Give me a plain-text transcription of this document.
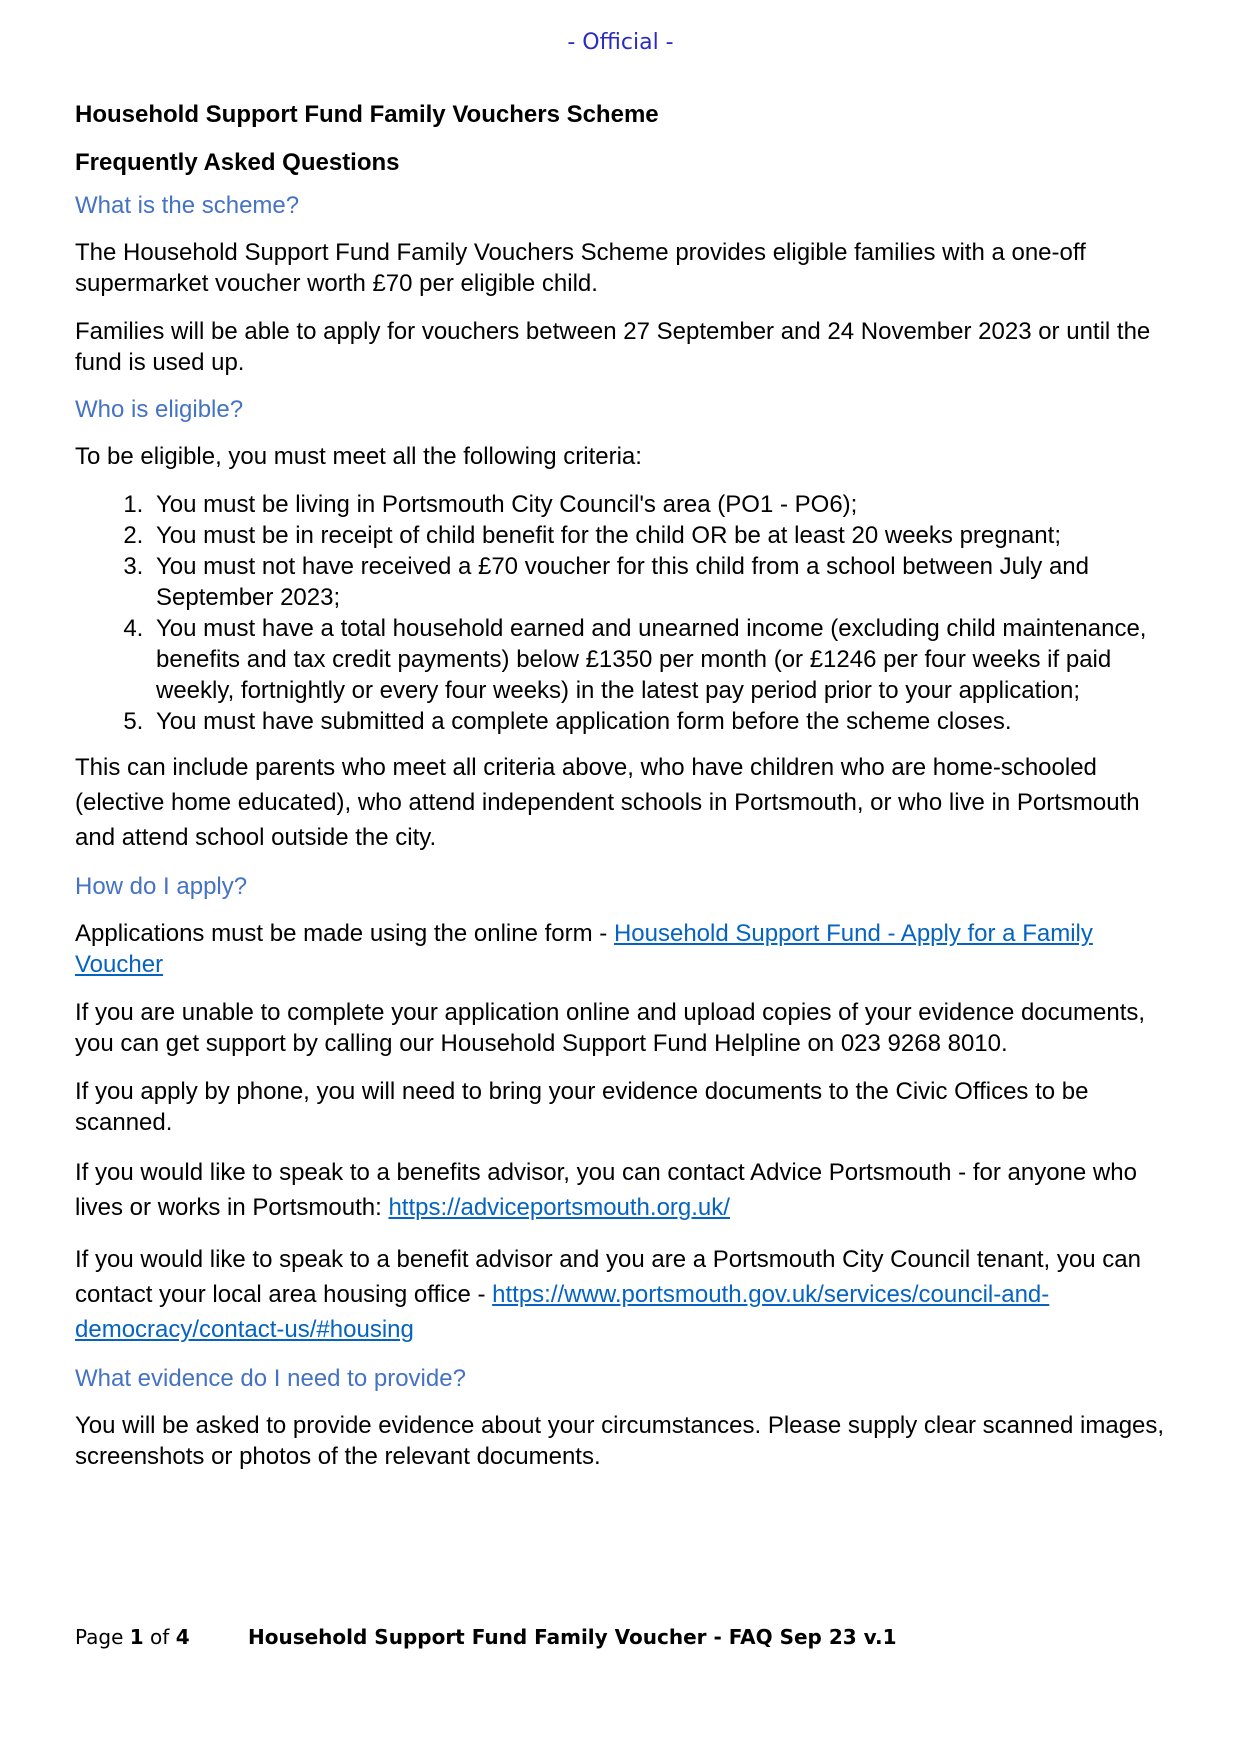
- Official -
Household Support Fund Family Vouchers Scheme
Frequently Asked Questions
What is the scheme?
The Household Support Fund Family Vouchers Scheme provides eligible families with a one-off supermarket voucher worth £70 per eligible child.
Families will be able to apply for vouchers between 27 September and 24 November 2023 or until the fund is used up.
Who is eligible?
To be eligible, you must meet all the following criteria:
1. You must be living in Portsmouth City Council's area (PO1 - PO6);
2. You must be in receipt of child benefit for the child OR be at least 20 weeks pregnant;
3. You must not have received a £70 voucher for this child from a school between July and September 2023;
4. You must have a total household earned and unearned income (excluding child maintenance, benefits and tax credit payments) below £1350 per month (or £1246 per four weeks if paid weekly, fortnightly or every four weeks) in the latest pay period prior to your application;
5. You must have submitted a complete application form before the scheme closes.
This can include parents who meet all criteria above, who have children who are home-schooled (elective home educated), who attend independent schools in Portsmouth, or who live in Portsmouth and attend school outside the city.
How do I apply?
Applications must be made using the online form - Household Support Fund - Apply for a Family Voucher
If you are unable to complete your application online and upload copies of your evidence documents, you can get support by calling our Household Support Fund Helpline on 023 9268 8010.
If you apply by phone, you will need to bring your evidence documents to the Civic Offices to be scanned.
If you would like to speak to a benefits advisor, you can contact Advice Portsmouth - for anyone who lives or works in Portsmouth: https://adviceportsmouth.org.uk/
If you would like to speak to a benefit advisor and you are a Portsmouth City Council tenant, you can contact your local area housing office - https://www.portsmouth.gov.uk/services/council-and-democracy/contact-us/#housing
What evidence do I need to provide?
You will be asked to provide evidence about your circumstances. Please supply clear scanned images, screenshots or photos of the relevant documents.
Page 1 of 4	Household Support Fund Family Voucher - FAQ Sep 23 v.1
